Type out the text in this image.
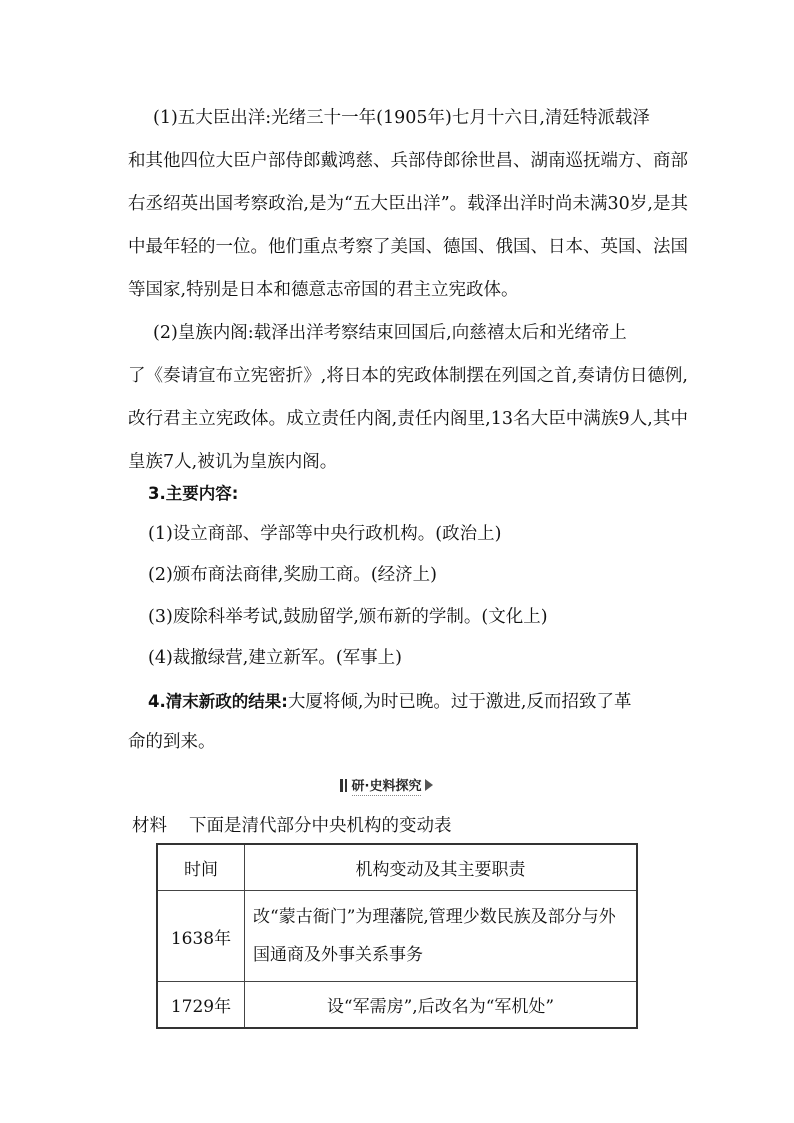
(1)五大臣出洋:光绪三十一年(1905年)七月十六日,清廷特派载泽
和其他四位大臣户部侍郎戴鸿慈、兵部侍郎徐世昌、湖南巡抚端方、商部右丞绍英出国考察政治,是为“五大臣出洋”。载泽出洋时尚未满30岁,是其中最年轻的一位。他们重点考察了美国、德国、俄国、日本、英国、法国等国家,特别是日本和德意志帝国的君主立宪政体。
(2)皇族内阁:载泽出洋考察结束回国后,向慈禧太后和光绪帝上
了《奏请宣布立宪密折》,将日本的宪政体制摆在列国之首,奏请仿日德例,改行君主立宪政体。成立责任内阁,责任内阁里,13名大臣中满族9人,其中皇族7人,被讥为皇族内阁。
3.主要内容:
(1)设立商部、学部等中央行政机构。(政治上)
(2)颁布商法商律,奖励工商。(经济上)
(3)废除科举考试,鼓励留学,颁布新的学制。(文化上)
(4)裁撤绿营,建立新军。(军事上)
4.清末新政的结果:大厦将倾,为时已晚。过于激进,反而招致了革
命的到来。
研·史料探究
材料 下面是清代部分中央机构的变动表
时间	机构变动及其主要职责
1638年	改“蒙古衙门”为理藩院,管理少数民族及部分与外国通商及外事关系事务
1729年	设“军需房”,后改名为“军机处”
